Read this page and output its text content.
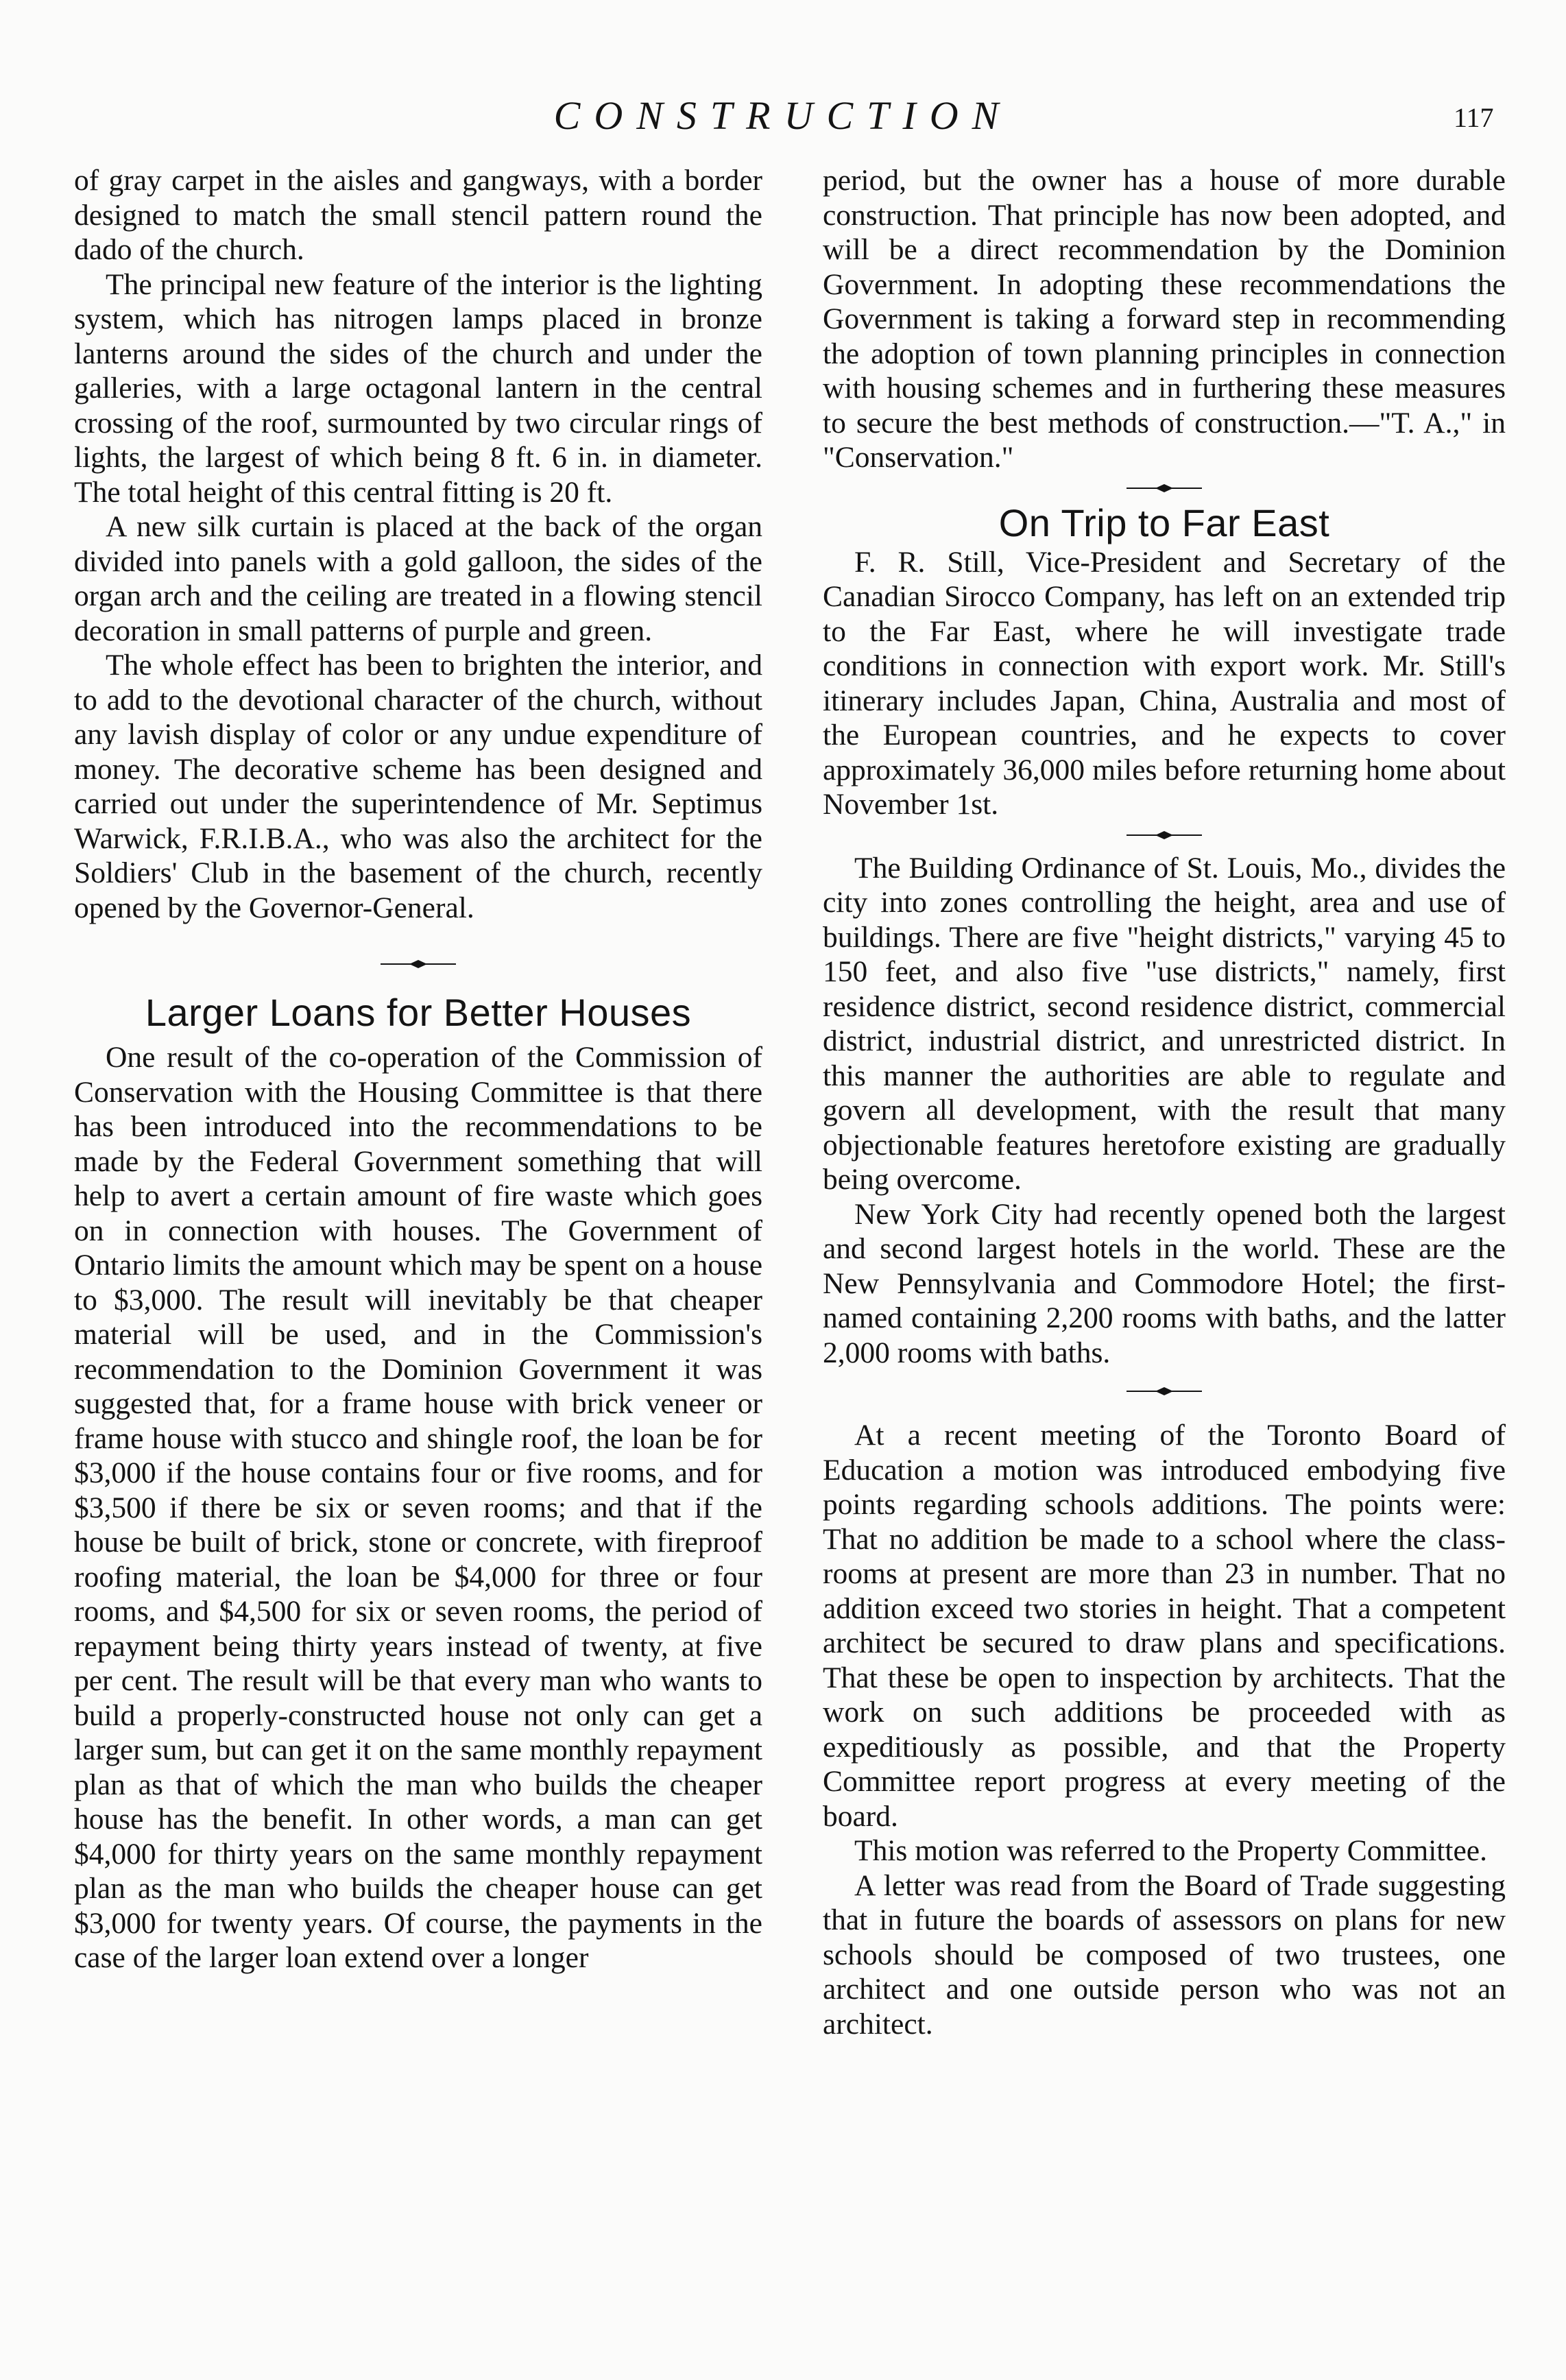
CONSTRUCTION	117

of gray carpet in the aisles and gangways, with a border designed to match the small stencil pattern round the dado of the church.

The principal new feature of the interior is the lighting system, which has nitrogen lamps placed in bronze lanterns around the sides of the church and under the galleries, with a large octagonal lantern in the central crossing of the roof, surmounted by two circular rings of lights, the largest of which being 8 ft. 6 in. in diameter. The total height of this central fitting is 20 ft.

A new silk curtain is placed at the back of the organ divided into panels with a gold galloon, the sides of the organ arch and the ceiling are treated in a flowing stencil decoration in small patterns of purple and green.

The whole effect has been to brighten the interior, and to add to the devotional character of the church, without any lavish display of color or any undue expenditure of money. The decorative scheme has been designed and carried out under the superintendence of Mr. Septimus Warwick, F.R.I.B.A., who was also the architect for the Soldiers' Club in the basement of the church, recently opened by the Governor-General.

Larger Loans for Better Houses

One result of the co-operation of the Commission of Conservation with the Housing Committee is that there has been introduced into the recommendations to be made by the Federal Government something that will help to avert a certain amount of fire waste which goes on in connection with houses. The Government of Ontario limits the amount which may be spent on a house to $3,000. The result will inevitably be that cheaper material will be used, and in the Commission's recommendation to the Dominion Government it was suggested that, for a frame house with brick veneer or frame house with stucco and shingle roof, the loan be for $3,000 if the house contains four or five rooms, and for $3,500 if there be six or seven rooms; and that if the house be built of brick, stone or concrete, with fireproof roofing material, the loan be $4,000 for three or four rooms, and $4,500 for six or seven rooms, the period of repayment being thirty years instead of twenty, at five per cent. The result will be that every man who wants to build a properly-constructed house not only can get a larger sum, but can get it on the same monthly repayment plan as that of which the man who builds the cheaper house has the benefit. In other words, a man can get $4,000 for thirty years on the same monthly repayment plan as the man who builds the cheaper house can get $3,000 for twenty years. Of course, the payments in the case of the larger loan extend over a longer

period, but the owner has a house of more durable construction. That principle has now been adopted, and will be a direct recommendation by the Dominion Government. In adopting these recommendations the Government is taking a forward step in recommending the adoption of town planning principles in connection with housing schemes and in furthering these measures to secure the best methods of construction.—"T. A.," in "Conservation."

On Trip to Far East

F. R. Still, Vice-President and Secretary of the Canadian Sirocco Company, has left on an extended trip to the Far East, where he will investigate trade conditions in connection with export work. Mr. Still's itinerary includes Japan, China, Australia and most of the European countries, and he expects to cover approximately 36,000 miles before returning home about November 1st.

The Building Ordinance of St. Louis, Mo., divides the city into zones controlling the height, area and use of buildings. There are five "height districts," varying 45 to 150 feet, and also five "use districts," namely, first residence district, second residence district, commercial district, industrial district, and unrestricted district. In this manner the authorities are able to regulate and govern all development, with the result that many objectionable features heretofore existing are gradually being overcome.

New York City had recently opened both the largest and second largest hotels in the world. These are the New Pennsylvania and Commodore Hotel; the first-named containing 2,200 rooms with baths, and the latter 2,000 rooms with baths.

At a recent meeting of the Toronto Board of Education a motion was introduced embodying five points regarding schools additions. The points were: That no addition be made to a school where the class-rooms at present are more than 23 in number. That no addition exceed two stories in height. That a competent architect be secured to draw plans and specifications. That these be open to inspection by architects. That the work on such additions be proceeded with as expeditiously as possible, and that the Property Committee report progress at every meeting of the board.

This motion was referred to the Property Committee.

A letter was read from the Board of Trade suggesting that in future the boards of assessors on plans for new schools should be composed of two trustees, one architect and one outside person who was not an architect.
